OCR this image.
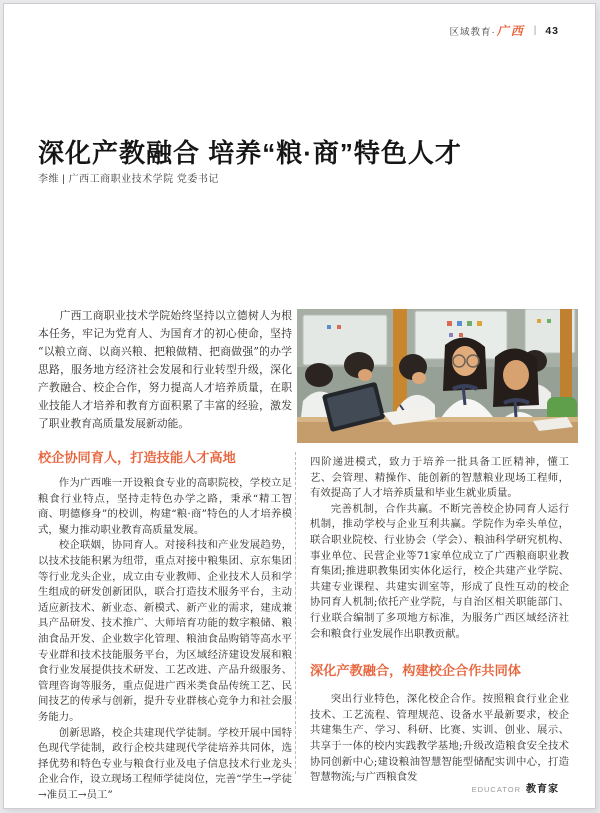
区域教育· 广西 | 43
深化产教融合 培养“粮·商”特色人才
李维 | 广西工商职业技术学院 党委书记

广西工商职业技术学院始终坚持以立德树人为根本任务，牢记为党育人、为国育才的初心使命，坚持“以粮立商、以商兴粮、把粮做精、把商做强”的办学思路，服务地方经济社会发展和行业转型升级，深化产教融合、校企合作，努力提高人才培养质量，在职业技能人才培养和教育方面积累了丰富的经验，激发了职业教育高质量发展新动能。

校企协同育人，打造技能人才高地

作为广西唯一开设粮食专业的高职院校，学校立足粮食行业特点，坚持走特色办学之路，秉承“精工智商、明德修身”的校训，构建“粮·商”特色的人才培养模式，聚力推动职业教育高质量发展。

校企联姻，协同育人。对接科技和产业发展趋势，以技术技能积累为纽带，重点对接中粮集团、京东集团等行业龙头企业，成立由专业教师、企业技术人员和学生组成的研发创新团队，联合打造技术服务平台，主动适应新技术、新业态、新模式、新产业的需求，建成兼具产品研发、技术推广、大师培育功能的数字粮储、粮油食品开发、企业数字化管理、粮油食品购销等高水平专业群和技术技能服务平台，为区域经济建设发展和粮食行业发展提供技术研发、工艺改进、产品升级服务、管理咨询等服务，重点促进广西米类食品传统工艺、民间技艺的传承与创新，提升专业群核心竞争力和社会服务能力。

创新思路，校企共建现代学徒制。学校开展中国特色现代学徒制，政行企校共建现代学徒培养共同体，选择优势和特色专业与粮食行业及电子信息技术行业龙头企业合作，设立现场工程师学徒岗位，完善“学生→学徒→准员工→员工”

四阶递进模式，致力于培养一批具备工匠精神，懂工艺、会管理、精操作、能创新的智慧粮业现场工程师，有效提高了人才培养质量和毕业生就业质量。

完善机制，合作共赢。不断完善校企协同育人运行机制，推动学校与企业互利共赢。学院作为牵头单位，联合职业院校、行业协会（学会）、粮油科学研究机构、事业单位、民营企业等71家单位成立了广西粮商职业教育集团;推进职教集团实体化运行，校企共建产业学院、共建专业课程、共建实训室等，形成了良性互动的校企协同育人机制;依托产业学院，与自治区相关职能部门、行业联合编制了多项地方标准，为服务广西区域经济社会和粮食行业发展作出职教贡献。

深化产教融合，构建校企合作共同体

突出行业特色，深化校企合作。按照粮食行业企业技术、工艺流程、管理规范、设备水平最新要求，校企共建集生产、学习、科研、比赛、实训、创业、展示、共享于一体的校内实践教学基地;升级改造粮食安全技术协同创新中心;建设粮油智慧智能型储配实训中心，打造智慧物流;与广西粮食发

EDUCATOR 教育家
